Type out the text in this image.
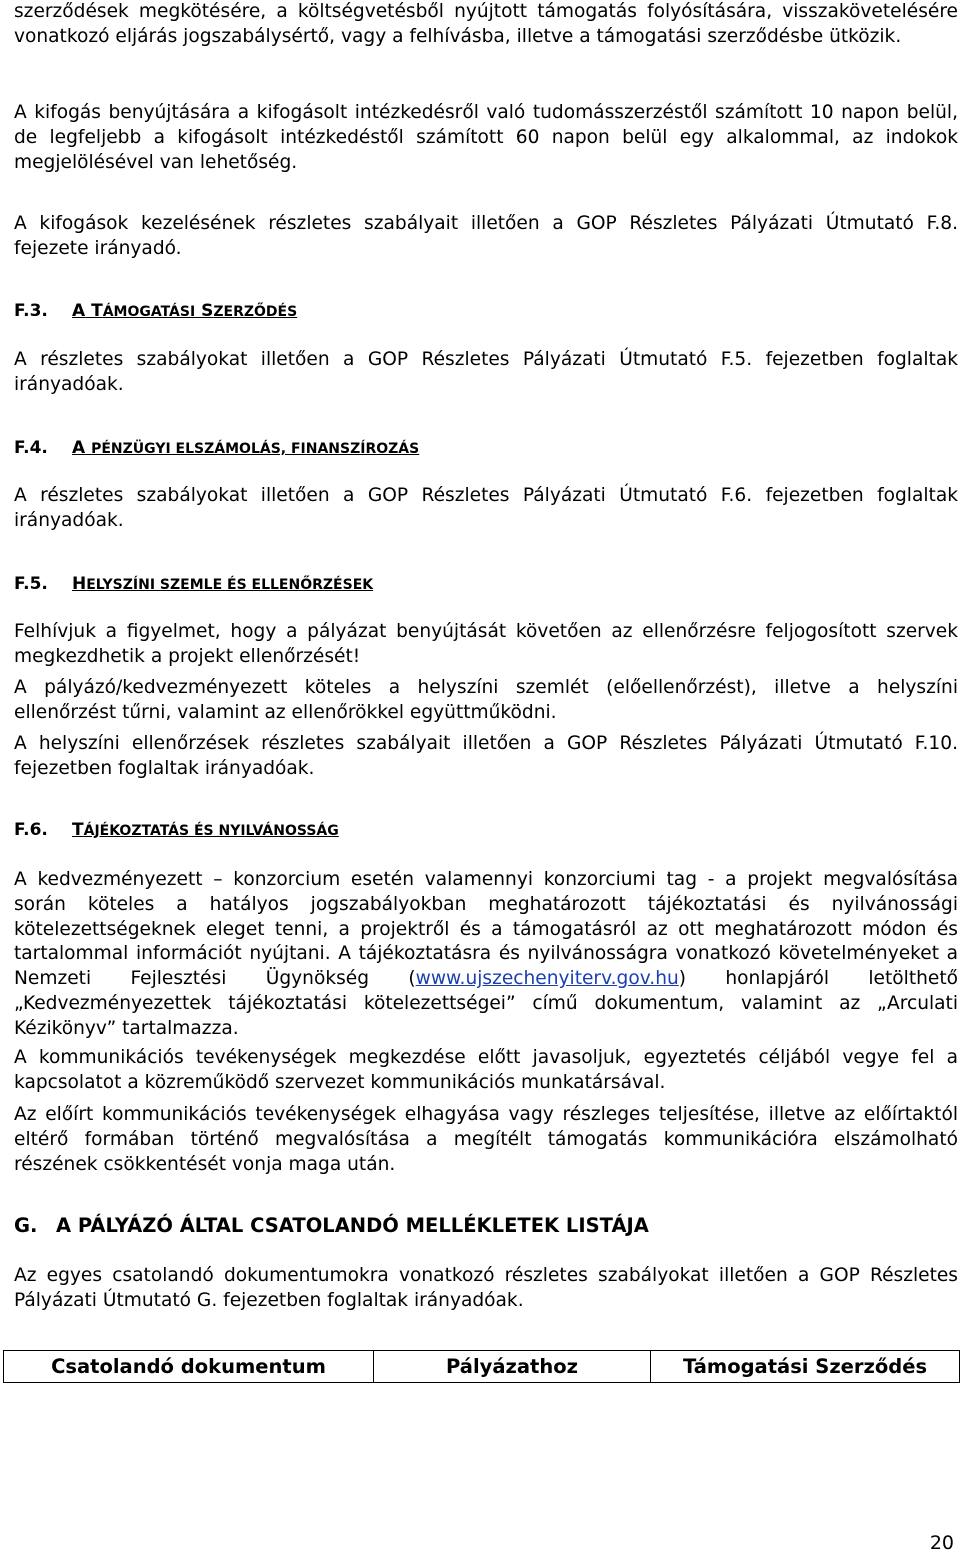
szerződések megkötésére, a költségvetésből nyújtott támogatás folyósítására, visszakövetelésére vonatkozó eljárás jogszabálysértő, vagy a felhívásba, illetve a támogatási szerződésbe ütközik.

A kifogás benyújtására a kifogásolt intézkedésről való tudomásszerzéstől számított 10 napon belül, de legfeljebb a kifogásolt intézkedéstől számított 60 napon belül egy alkalommal, az indokok megjelölésével van lehetőség.

A kifogások kezelésének részletes szabályait illetően a GOP Részletes Pályázati Útmutató F.8. fejezete irányadó.

F.3. A TÁMOGATÁSI SZERZŐDÉS

A részletes szabályokat illetően a GOP Részletes Pályázati Útmutató F.5. fejezetben foglaltak irányadóak.

F.4. A PÉNZÜGYI ELSZÁMOLÁS, FINANSZÍROZÁS

A részletes szabályokat illetően a GOP Részletes Pályázati Útmutató F.6. fejezetben foglaltak irányadóak.

F.5. HELYSZÍNI SZEMLE ÉS ELLENŐRZÉSEK

Felhívjuk a figyelmet, hogy a pályázat benyújtását követően az ellenőrzésre feljogosított szervek megkezdhetik a projekt ellenőrzését!

A pályázó/kedvezményezett köteles a helyszíni szemlét (előellenőrzést), illetve a helyszíni ellenőrzést tűrni, valamint az ellenőrökkel együttműködni.

A helyszíni ellenőrzések részletes szabályait illetően a GOP Részletes Pályázati Útmutató F.10. fejezetben foglaltak irányadóak.

F.6. TÁJÉKOZTATÁS ÉS NYILVÁNOSSÁG

A kedvezményezett – konzorcium esetén valamennyi konzorciumi tag - a projekt megvalósítása során köteles a hatályos jogszabályokban meghatározott tájékoztatási és nyilvánossági kötelezettségeknek eleget tenni, a projektről és a támogatásról az ott meghatározott módon és tartalommal információt nyújtani. A tájékoztatásra és nyilvánosságra vonatkozó követelményeket a Nemzeti Fejlesztési Ügynökség (www.ujszechenyiterv.gov.hu) honlapjáról letölthető „Kedvezményezettek tájékoztatási kötelezettségei” című dokumentum, valamint az „Arculati Kézikönyv” tartalmazza.

A kommunikációs tevékenységek megkezdése előtt javasoljuk, egyeztetés céljából vegye fel a kapcsolatot a közreműködő szervezet kommunikációs munkatársával.

Az előírt kommunikációs tevékenységek elhagyása vagy részleges teljesítése, illetve az előírtaktól eltérő formában történő megvalósítása a megítélt támogatás kommunikációra elszámolható részének csökkentését vonja maga után.

G. A PÁLYÁZÓ ÁLTAL CSATOLANDÓ MELLÉKLETEK LISTÁJA

Az egyes csatolandó dokumentumokra vonatkozó részletes szabályokat illetően a GOP Részletes Pályázati Útmutató G. fejezetben foglaltak irányadóak.

Csatolandó dokumentum	Pályázathoz	Támogatási Szerződés
20
